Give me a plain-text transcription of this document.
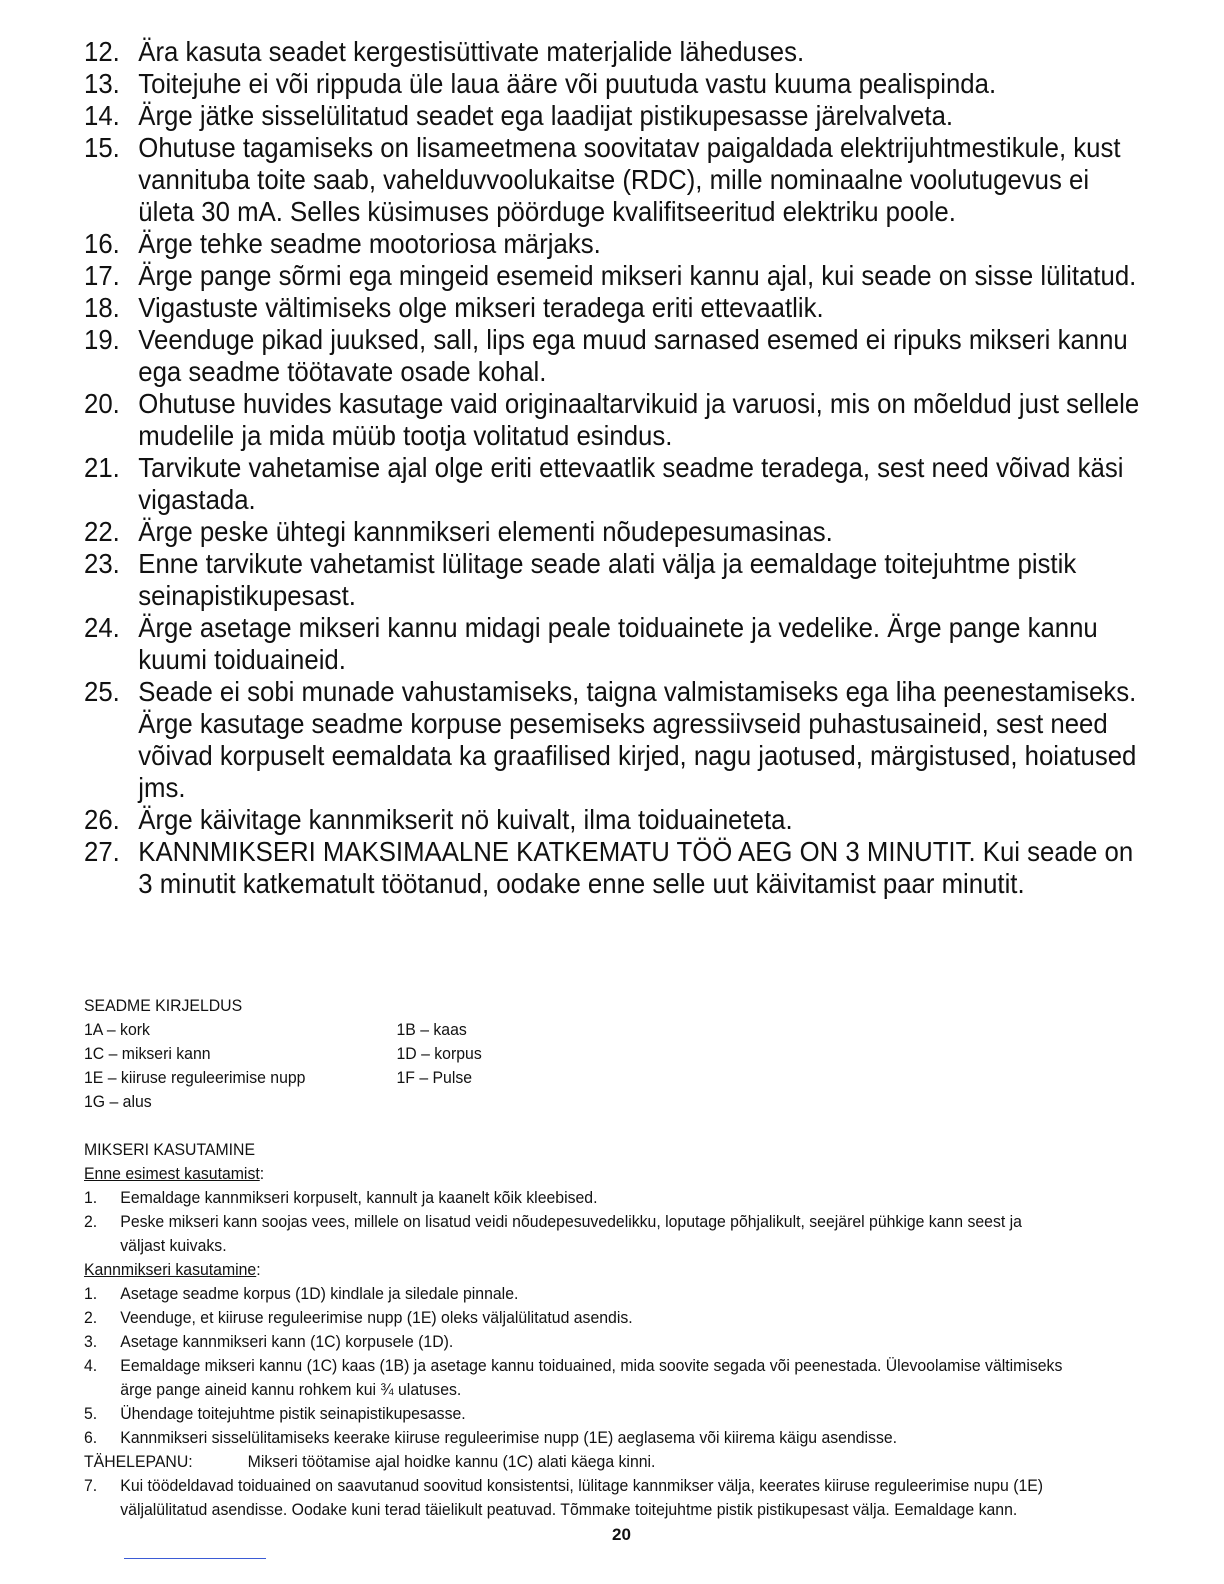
12. Ära kasuta seadet kergestisüttivate materjalide läheduses.

13. Toitejuhe ei või rippuda üle laua ääre või puutuda vastu kuuma pealispinda.

14. Ärge jätke sisselülitatud seadet ega laadijat pistikupesasse järelvalveta.

15. Ohutuse tagamiseks on lisameetmena soovitatav paigaldada elektrijuhtmestikule, kust vannituba toite saab, vahelduvvoolukaitse (RDC), mille nominaalne voolutugevus ei ületa 30 mA. Selles küsimuses pöörduge kvalifitseeritud elektriku poole.

16. Ärge tehke seadme mootoriosa märjaks.

17. Ärge pange sõrmi ega mingeid esemeid mikseri kannu ajal, kui seade on sisse lülitatud.

18. Vigastuste vältimiseks olge mikseri teradega eriti ettevaatlik.

19. Veenduge pikad juuksed, sall, lips ega muud sarnased esemed ei ripuks mikseri kannu ega seadme töötavate osade kohal.

20. Ohutuse huvides kasutage vaid originaaltarvikuid ja varuosi, mis on mõeldud just sellele mudelile ja mida müüb tootja volitatud esindus.

21. Tarvikute vahetamise ajal olge eriti ettevaatlik seadme teradega, sest need võivad käsi vigastada.

22. Ärge peske ühtegi kannmikseri elementi nõudepesumasinas.

23. Enne tarvikute vahetamist lülitage seade alati välja ja eemaldage toitejuhtme pistik seinapistikupesast.

24. Ärge asetage mikseri kannu midagi peale toiduainete ja vedelike. Ärge pange kannu kuumi toiduaineid.

25. Seade ei sobi munade vahustamiseks, taigna valmistamiseks ega liha peenestamiseks.

Ärge kasutage seadme korpuse pesemiseks agressiivseid puhastusaineid, sest need võivad korpuselt eemaldata ka graafilised kirjed, nagu jaotused, märgistused, hoiatused jms.

26. Ärge käivitage kannmikserit nö kuivalt, ilma toiduaineteta.

27. KANNMIKSERI MAKSIMAALNE KATKEMATU TÖÖ AEG ON 3 MINUTIT. Kui seade on 3 minutit katkematult töötanud, oodake enne selle uut käivitamist paar minutit.

SEADME KIRJELDUS

1A – kork	1B – kaas
1C – mikseri kann	1D – korpus
1E – kiiruse reguleerimise nupp	1F – Pulse
1G – alus

MIKSERI KASUTAMINE

Enne esimest kasutamist:

1.	Eemaldage kannmikseri korpuselt, kannult ja kaanelt kõik kleebised.
2.	Peske mikseri kann soojas vees, millele on lisatud veidi nõudepesuvedelikku, loputage põhjalikult, seejärel pühkige kann seest ja väljast kuivaks.

Kannmikseri kasutamine:

1.	Asetage seadme korpus (1D) kindlale ja siledale pinnale.
2.	Veenduge, et kiiruse reguleerimise nupp (1E) oleks väljalülitatud asendis.
3.	Asetage kannmikseri kann (1C) korpusele (1D).
4.	Eemaldage mikseri kannu (1C) kaas (1B) ja asetage kannu toiduained, mida soovite segada või peenestada. Ülevoolamise vältimiseks ärge pange aineid kannu rohkem kui ¾ ulatuses.
5.	Ühendage toitejuhtme pistik seinapistikupesasse.
6.	Kannmikseri sisselülitamiseks keerake kiiruse reguleerimise nupp (1E) aeglasema või kiirema käigu asendisse.
TÄHELEPANU:	Mikseri töötamise ajal hoidke kannu (1C) alati käega kinni.
7.	Kui töödeldavad toiduained on saavutanud soovitud konsistentsi, lülitage kannmikser välja, keerates kiiruse reguleerimise nupu (1E) väljalülitatud asendisse. Oodake kuni terad täielikult peatuvad. Tõmmake toitejuhtme pistik pistikupesast välja. Eemaldage kann.
20
